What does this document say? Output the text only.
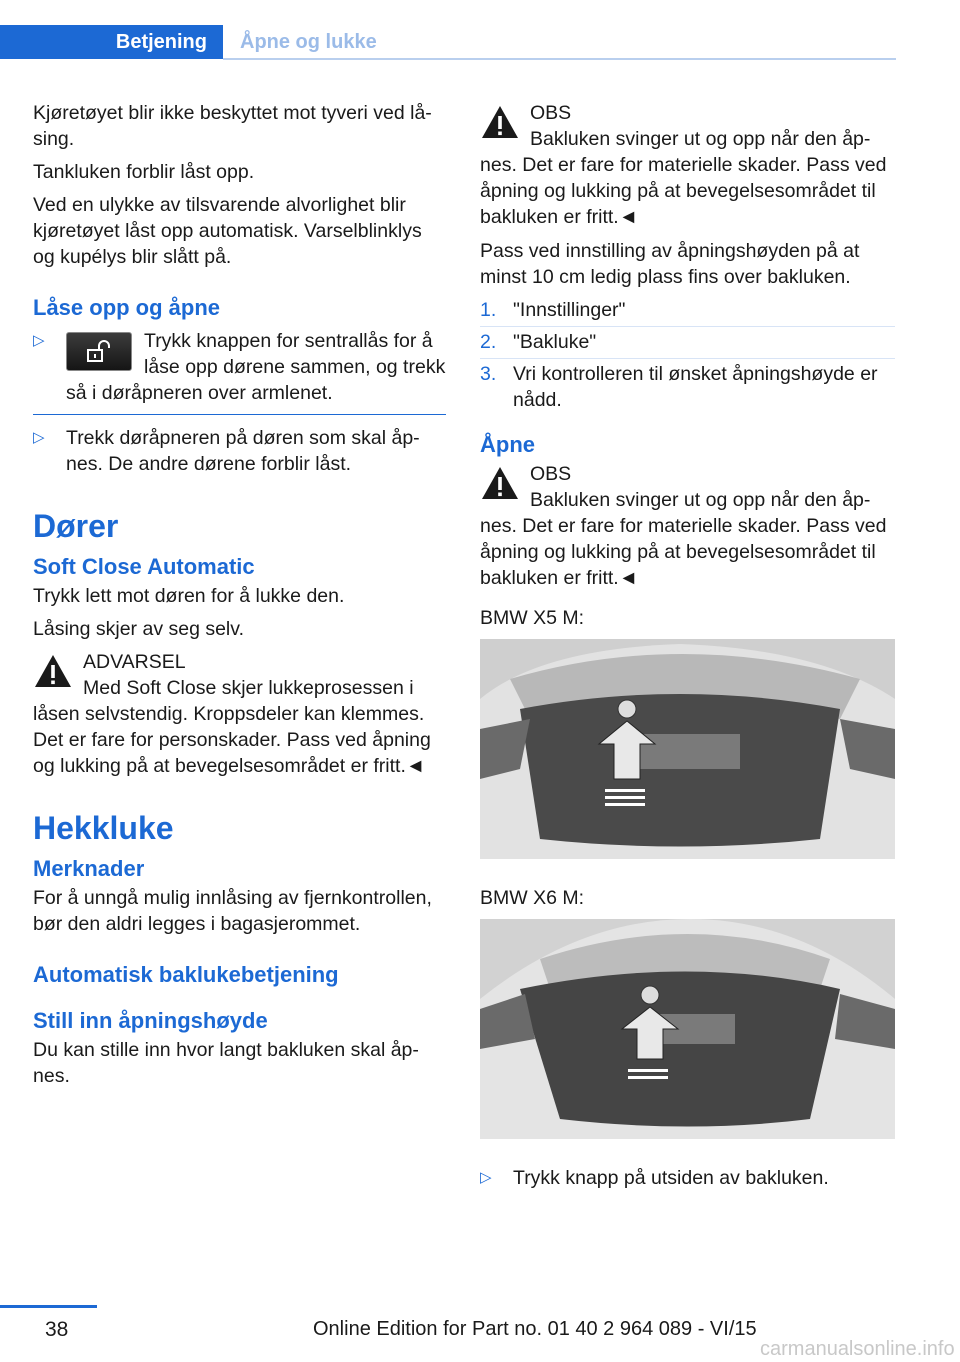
Betjening	Åpne og lukke

Kjøretøyet blir ikke beskyttet mot tyveri ved lå‐sing.

Tankluken forblir låst opp.

Ved en ulykke av tilsvarende alvorlighet blir kjøretøyet låst opp automatisk. Varselblinklys og kupélys blir slått på.

Låse opp og åpne
▷	Trykk knappen for sentrallås for å låse opp dørene sammen, og trekk så i døråpneren over armlenet.
▷ Trekk døråpneren på døren som skal åp‐nes. De andre dørene forblir låst.
Dører
Soft Close Automatic

Trykk lett mot døren for å lukke den.

Låsing skjer av seg selv.

ADVARSEL
Med Soft Close skjer lukkeprosessen i
låsen selvstendig. Kroppsdeler kan klemmes. Det er fare for personskader. Pass ved åpning og lukking på at bevegelsesområdet er fritt.◄
Hekkluke
Merknader

For å unngå mulig innlåsing av fjernkontrollen, bør den aldri legges i bagasjerommet.

Automatisk baklukebetjening
Still inn åpningshøyde

Du kan stille inn hvor langt bakluken skal åp‐nes.

OBS
Bakluken svinger ut og opp når den åp‐
nes. Det er fare for materielle skader. Pass ved åpning og lukking på at bevegelsesområdet til bakluken er fritt.◄

Pass ved innstilling av åpningshøyden på at minst 10 cm ledig plass fins over bakluken.

1. "Innstillinger"
2. "Bakluke"
3. Vri kontrolleren til ønsket åpningshøyde er nådd.
Åpne
OBS
Bakluken svinger ut og opp når den åp‐
nes. Det er fare for materielle skader. Pass ved åpning og lukking på at bevegelsesområdet til bakluken er fritt.◄

BMW X5 M:

BMW X6 M:

▷ Trykk knapp på utsiden av bakluken.
38	Online Edition for Part no. 01 40 2 964 089 - VI/15
carmanualsonline.info
